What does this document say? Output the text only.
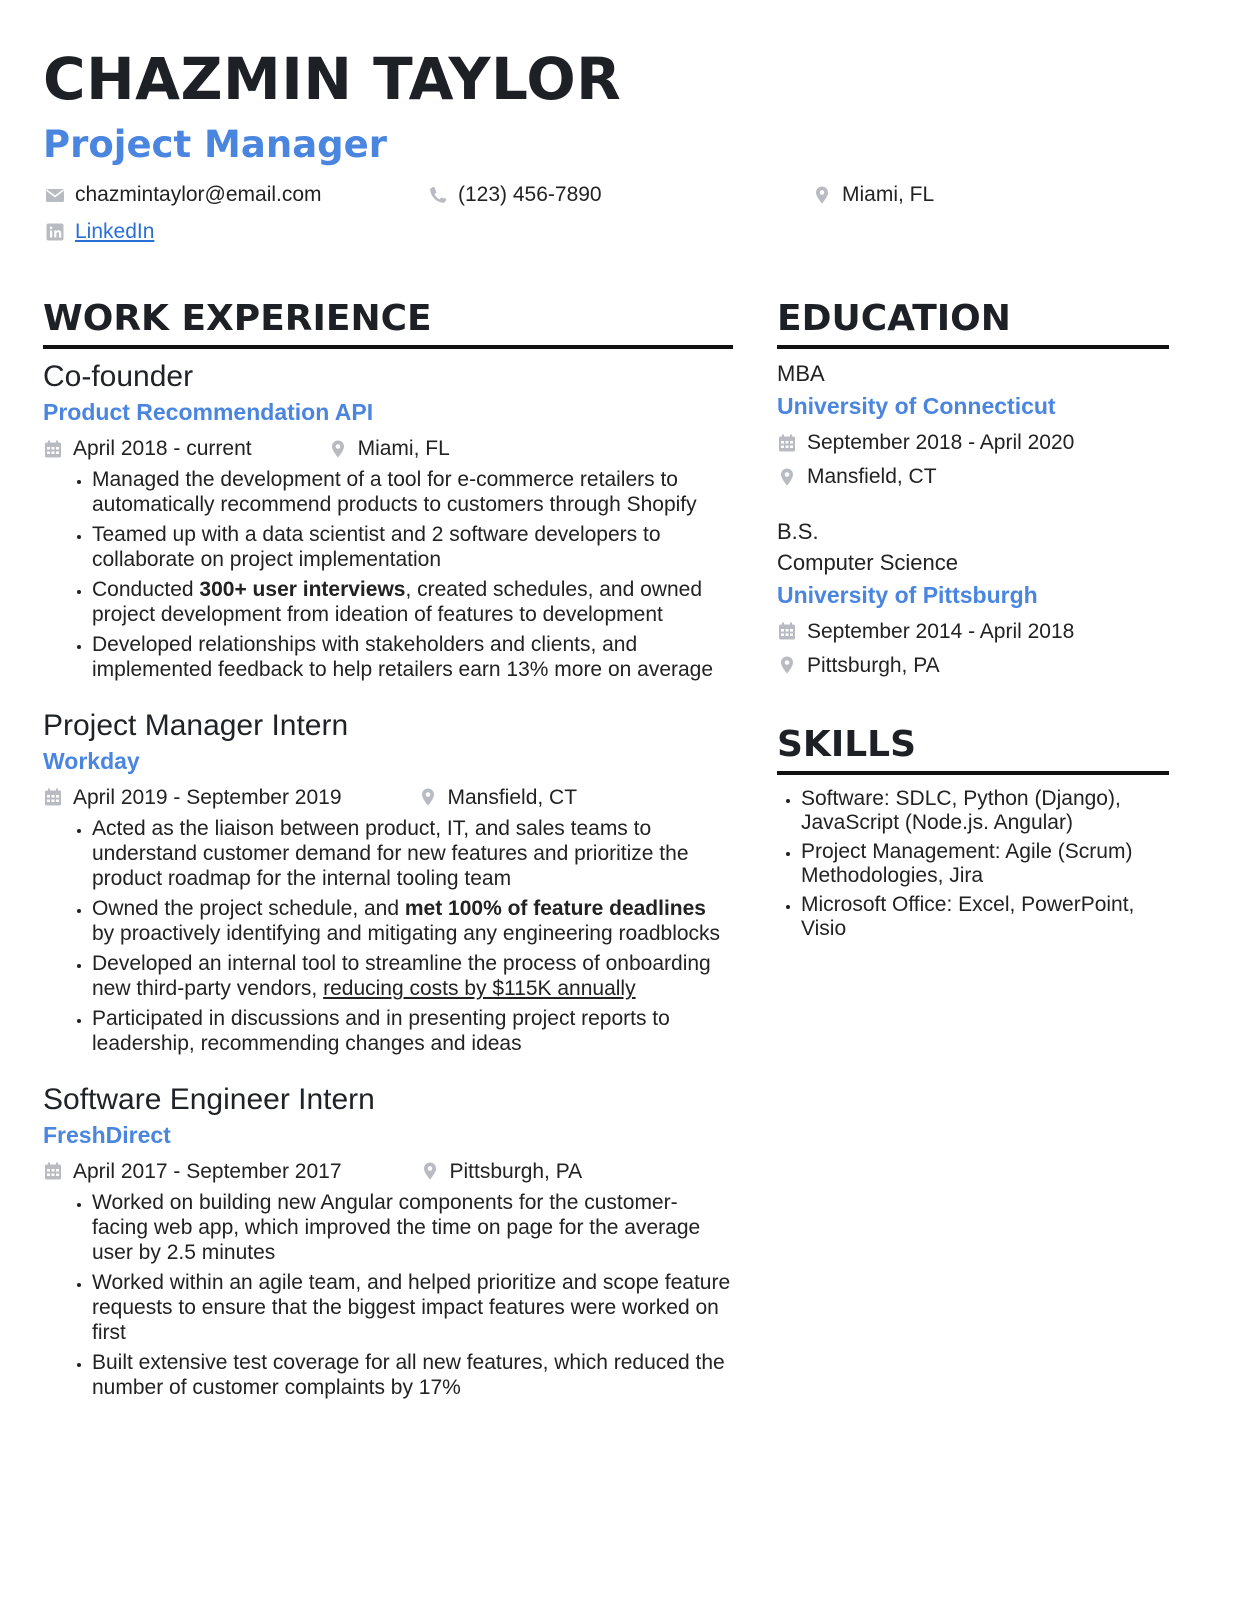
CHAZMIN TAYLOR
Project Manager
chazmintaylor@email.com	(123) 456-7890	Miami, FL
LinkedIn
WORK EXPERIENCE
Co-founder
Product Recommendation API
April 2018 - current	Miami, FL
• Managed the development of a tool for e-commerce retailers to automatically recommend products to customers through Shopify
• Teamed up with a data scientist and 2 software developers to collaborate on project implementation
• Conducted 300+ user interviews, created schedules, and owned project development from ideation of features to development
• Developed relationships with stakeholders and clients, and implemented feedback to help retailers earn 13% more on average
Project Manager Intern
Workday
April 2019 - September 2019	Mansfield, CT
• Acted as the liaison between product, IT, and sales teams to understand customer demand for new features and prioritize the product roadmap for the internal tooling team
• Owned the project schedule, and met 100% of feature deadlines by proactively identifying and mitigating any engineering roadblocks
• Developed an internal tool to streamline the process of onboarding new third-party vendors, reducing costs by $115K annually
• Participated in discussions and in presenting project reports to leadership, recommending changes and ideas
Software Engineer Intern
FreshDirect
April 2017 - September 2017	Pittsburgh, PA
• Worked on building new Angular components for the customer-facing web app, which improved the time on page for the average user by 2.5 minutes
• Worked within an agile team, and helped prioritize and scope feature requests to ensure that the biggest impact features were worked on first
• Built extensive test coverage for all new features, which reduced the number of customer complaints by 17%
EDUCATION
MBA
University of Connecticut
September 2018 - April 2020
Mansfield, CT
B.S.
Computer Science
University of Pittsburgh
September 2014 - April 2018
Pittsburgh, PA
SKILLS
• Software: SDLC, Python (Django), JavaScript (Node.js. Angular)
• Project Management: Agile (Scrum) Methodologies, Jira
• Microsoft Office: Excel, PowerPoint, Visio
